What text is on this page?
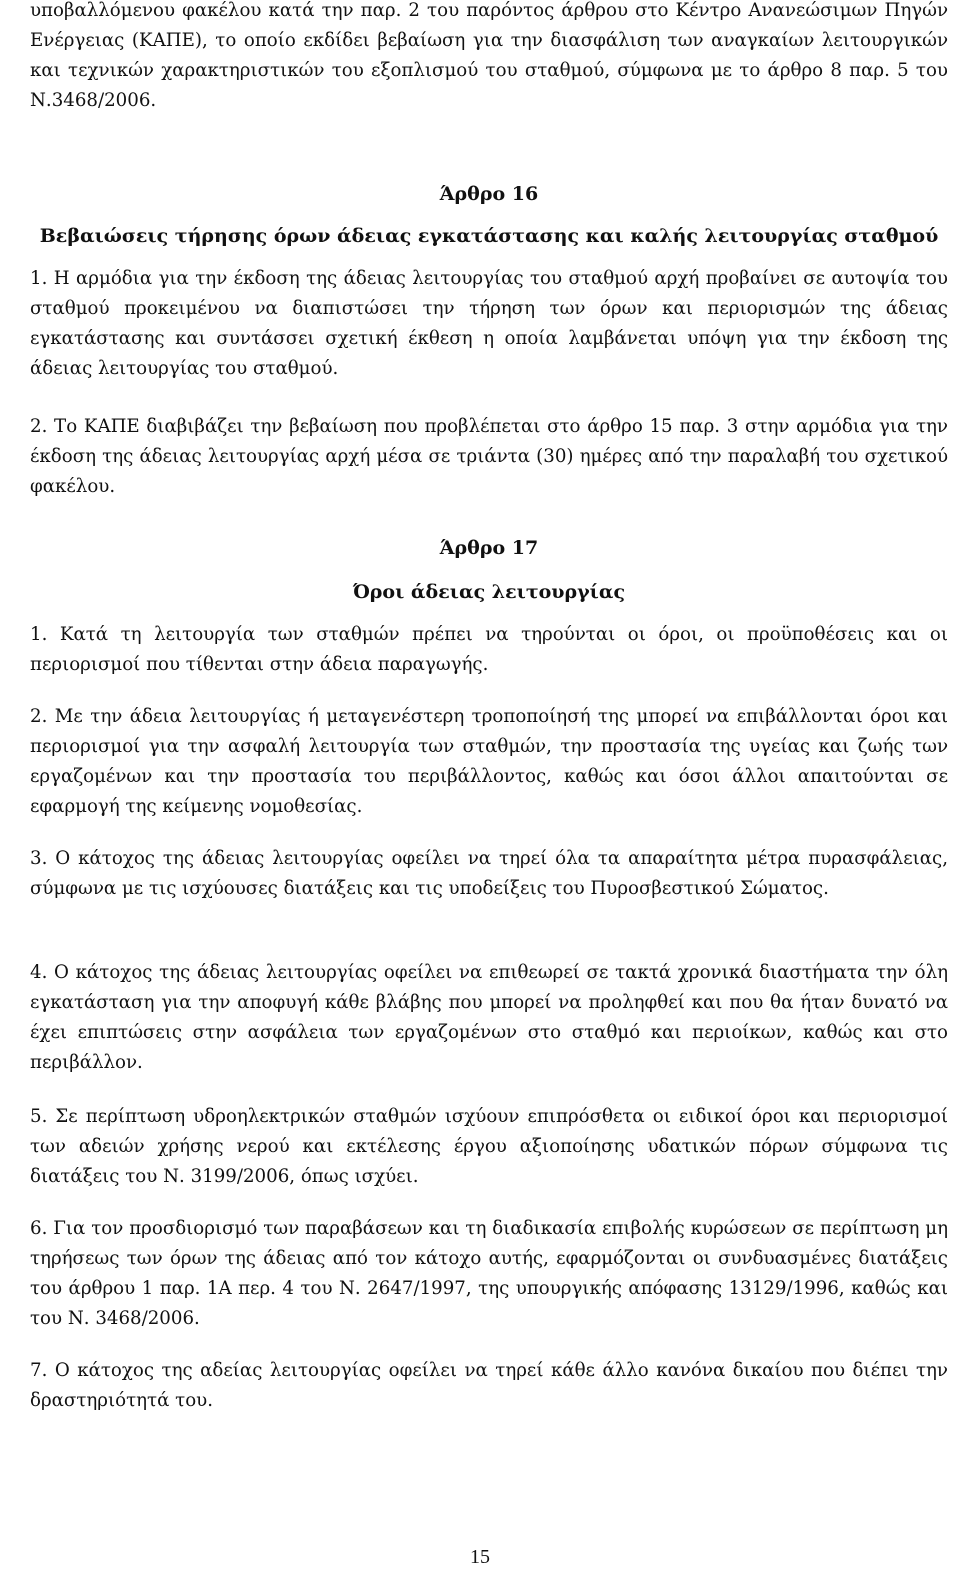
υποβαλλόμενου φακέλου κατά την παρ. 2 του παρόντος άρθρου στο Κέντρο Ανανεώσιμων Πηγών Ενέργειας (ΚΑΠΕ), το οποίο εκδίδει βεβαίωση για την διασφάλιση των αναγκαίων λειτουργικών και τεχνικών χαρακτηριστικών του εξοπλισμού του σταθμού, σύμφωνα με το άρθρο 8 παρ. 5 του Ν.3468/2006.

Άρθρο 16
Βεβαιώσεις τήρησης όρων άδειας εγκατάστασης και καλής λειτουργίας σταθμού

1. Η αρμόδια για την έκδοση της άδειας λειτουργίας του σταθμού αρχή προβαίνει σε αυτοψία του σταθμού προκειμένου να διαπιστώσει την τήρηση των όρων και περιορισμών της άδειας εγκατάστασης και συντάσσει σχετική έκθεση η οποία λαμβάνεται υπόψη για την έκδοση της άδειας λειτουργίας του σταθμού.

2. Το ΚΑΠΕ διαβιβάζει την βεβαίωση που προβλέπεται στο άρθρο 15 παρ. 3 στην αρμόδια για την έκδοση της άδειας λειτουργίας αρχή μέσα σε τριάντα (30) ημέρες από την παραλαβή του σχετικού φακέλου.

Άρθρο 17
Όροι άδειας λειτουργίας

1. Κατά τη λειτουργία των σταθμών πρέπει να τηρούνται οι όροι, οι προϋποθέσεις και οι περιορισμοί που τίθενται στην άδεια παραγωγής.

2. Με την άδεια λειτουργίας ή μεταγενέστερη τροποποίησή της μπορεί να επιβάλλονται όροι και περιορισμοί για την ασφαλή λειτουργία των σταθμών, την προστασία της υγείας και ζωής των εργαζομένων και την προστασία του περιβάλλοντος, καθώς και όσοι άλλοι απαιτούνται σε εφαρμογή της κείμενης νομοθεσίας.

3. Ο κάτοχος της άδειας λειτουργίας οφείλει να τηρεί όλα τα απαραίτητα μέτρα πυρασφάλειας, σύμφωνα με τις ισχύουσες διατάξεις και τις υποδείξεις του Πυροσβεστικού Σώματος.

4. Ο κάτοχος της άδειας λειτουργίας οφείλει να επιθεωρεί σε τακτά χρονικά διαστήματα την όλη εγκατάσταση για την αποφυγή κάθε βλάβης που μπορεί να προληφθεί και που θα ήταν δυνατό να έχει επιπτώσεις στην ασφάλεια των εργαζομένων στο σταθμό και περιοίκων, καθώς και στο περιβάλλον.

5. Σε περίπτωση υδροηλεκτρικών σταθμών ισχύουν επιπρόσθετα οι ειδικοί όροι και περιορισμοί των αδειών χρήσης νερού και εκτέλεσης έργου αξιοποίησης υδατικών πόρων σύμφωνα τις διατάξεις του Ν. 3199/2006, όπως ισχύει.

6. Για τον προσδιορισμό των παραβάσεων και τη διαδικασία επιβολής κυρώσεων σε περίπτωση μη τηρήσεως των όρων της άδειας από τον κάτοχο αυτής, εφαρμόζονται οι συνδυασμένες διατάξεις του άρθρου 1 παρ. 1Α περ. 4 του Ν. 2647/1997, της υπουργικής απόφασης 13129/1996, καθώς και του Ν. 3468/2006.

7. Ο κάτοχος της αδείας λειτουργίας οφείλει να τηρεί κάθε άλλο κανόνα δικαίου που διέπει την δραστηριότητά του.

15
